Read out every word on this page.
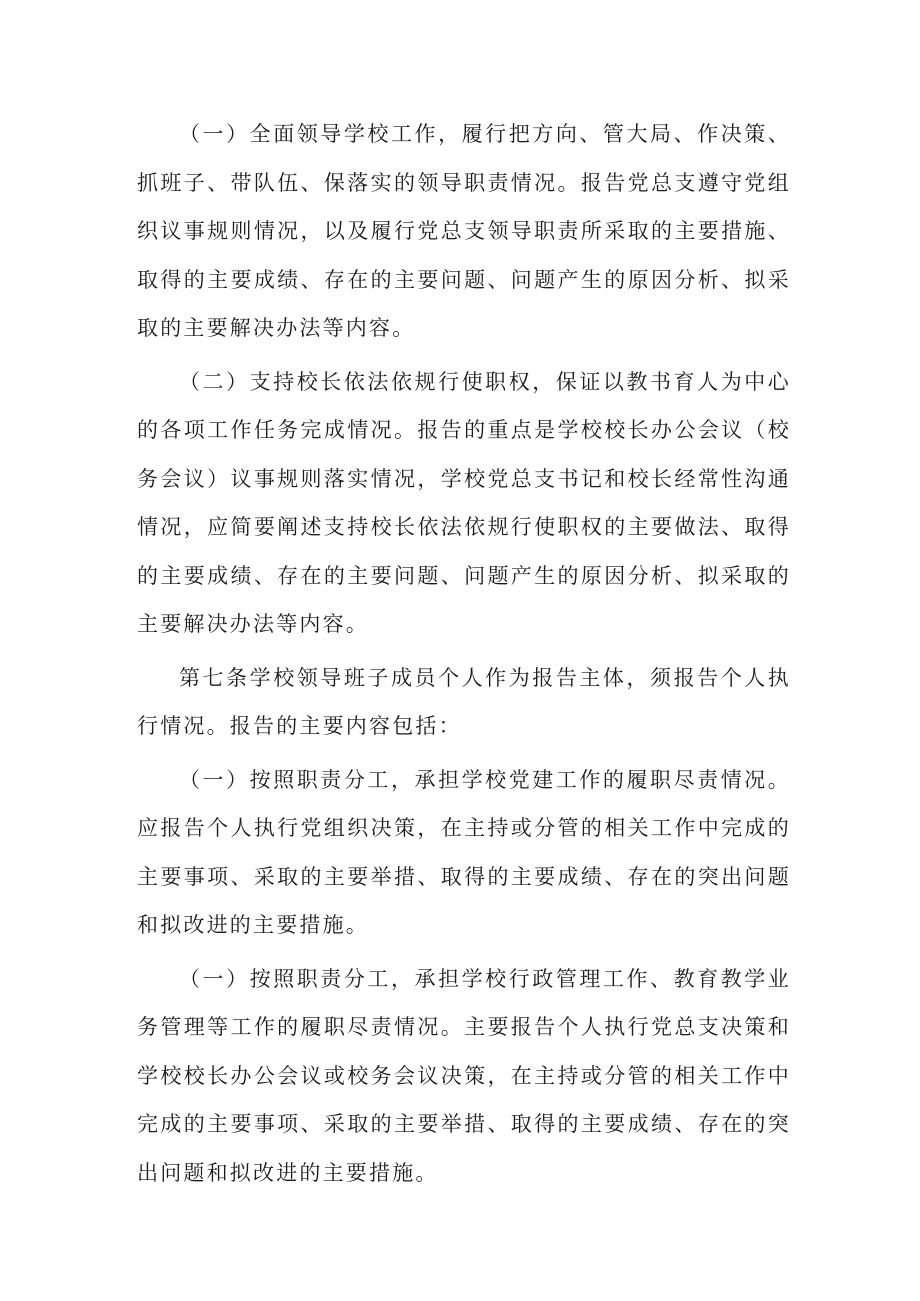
（一）全面领导学校工作，履行把方向、管大局、作决策、抓班子、带队伍、保落实的领导职责情况。报告党总支遵守党组织议事规则情况，以及履行党总支领导职责所采取的主要措施、取得的主要成绩、存在的主要问题、问题产生的原因分析、拟采取的主要解决办法等内容。

（二）支持校长依法依规行使职权，保证以教书育人为中心的各项工作任务完成情况。报告的重点是学校校长办公会议（校务会议）议事规则落实情况，学校党总支书记和校长经常性沟通情况，应简要阐述支持校长依法依规行使职权的主要做法、取得的主要成绩、存在的主要问题、问题产生的原因分析、拟采取的主要解决办法等内容。

第七条学校领导班子成员个人作为报告主体，须报告个人执行情况。报告的主要内容包括：

（一）按照职责分工，承担学校党建工作的履职尽责情况。应报告个人执行党组织决策，在主持或分管的相关工作中完成的主要事项、采取的主要举措、取得的主要成绩、存在的突出问题和拟改进的主要措施。

（一）按照职责分工，承担学校行政管理工作、教育教学业务管理等工作的履职尽责情况。主要报告个人执行党总支决策和学校校长办公会议或校务会议决策，在主持或分管的相关工作中完成的主要事项、采取的主要举措、取得的主要成绩、存在的突出问题和拟改进的主要措施。
